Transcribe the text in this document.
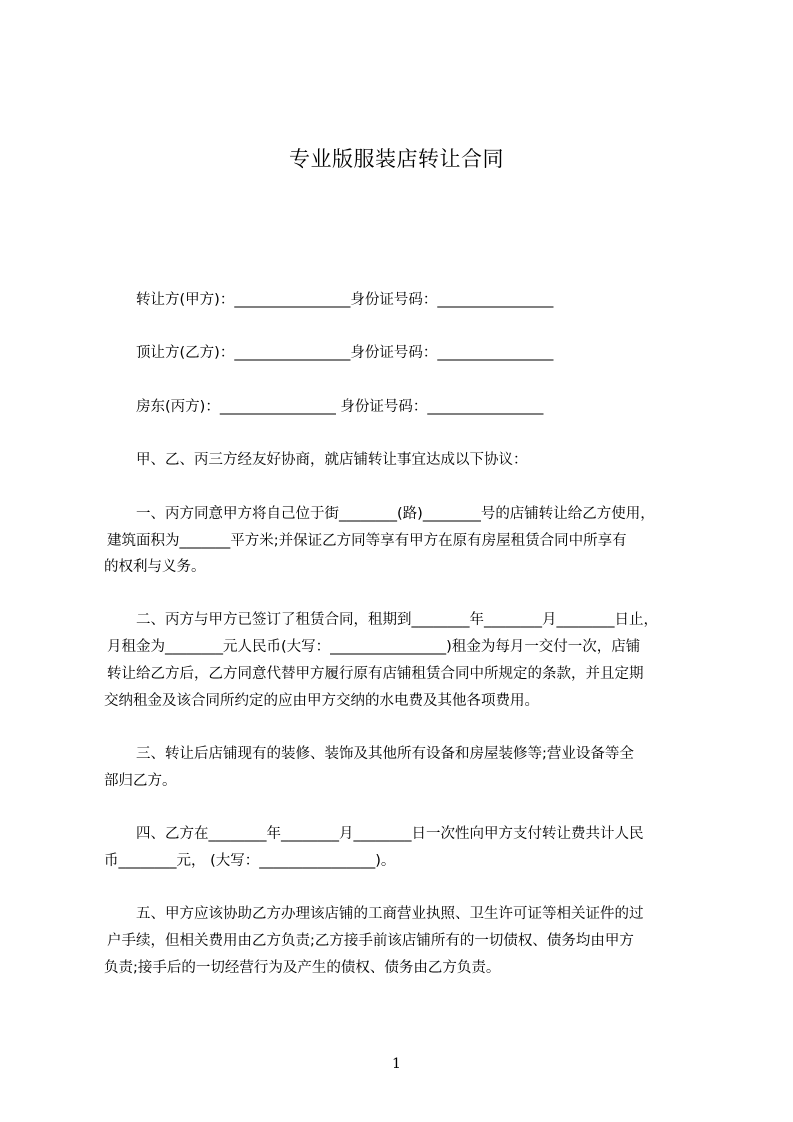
专业版服装店转让合同
转让方(甲方)：________________身份证号码：________________
顶让方(乙方)：________________身份证号码：________________
房东(丙方)：________________ 身份证号码：________________
甲、乙、丙三方经友好协商，就店铺转让事宜达成以下协议：
一、丙方同意甲方将自己位于街________(路)________号的店铺转让给乙方使用，
建筑面积为_______平方米;并保证乙方同等享有甲方在原有房屋租赁合同中所享有
的权利与义务。
二、丙方与甲方已签订了租赁合同，租期到________年________月________日止，
月租金为________元人民币(大写：________________)租金为每月一交付一次，店铺
转让给乙方后，乙方同意代替甲方履行原有店铺租赁合同中所规定的条款，并且定期
交纳租金及该合同所约定的应由甲方交纳的水电费及其他各项费用。
三、转让后店铺现有的装修、装饰及其他所有设备和房屋装修等;营业设备等全
部归乙方。
四、乙方在________年________月________日一次性向甲方支付转让费共计人民
币________元， (大写：________________)。
五、甲方应该协助乙方办理该店铺的工商营业执照、卫生许可证等相关证件的过
户手续，但相关费用由乙方负责;乙方接手前该店铺所有的一切债权、债务均由甲方
负责;接手后的一切经营行为及产生的债权、债务由乙方负责。
1
